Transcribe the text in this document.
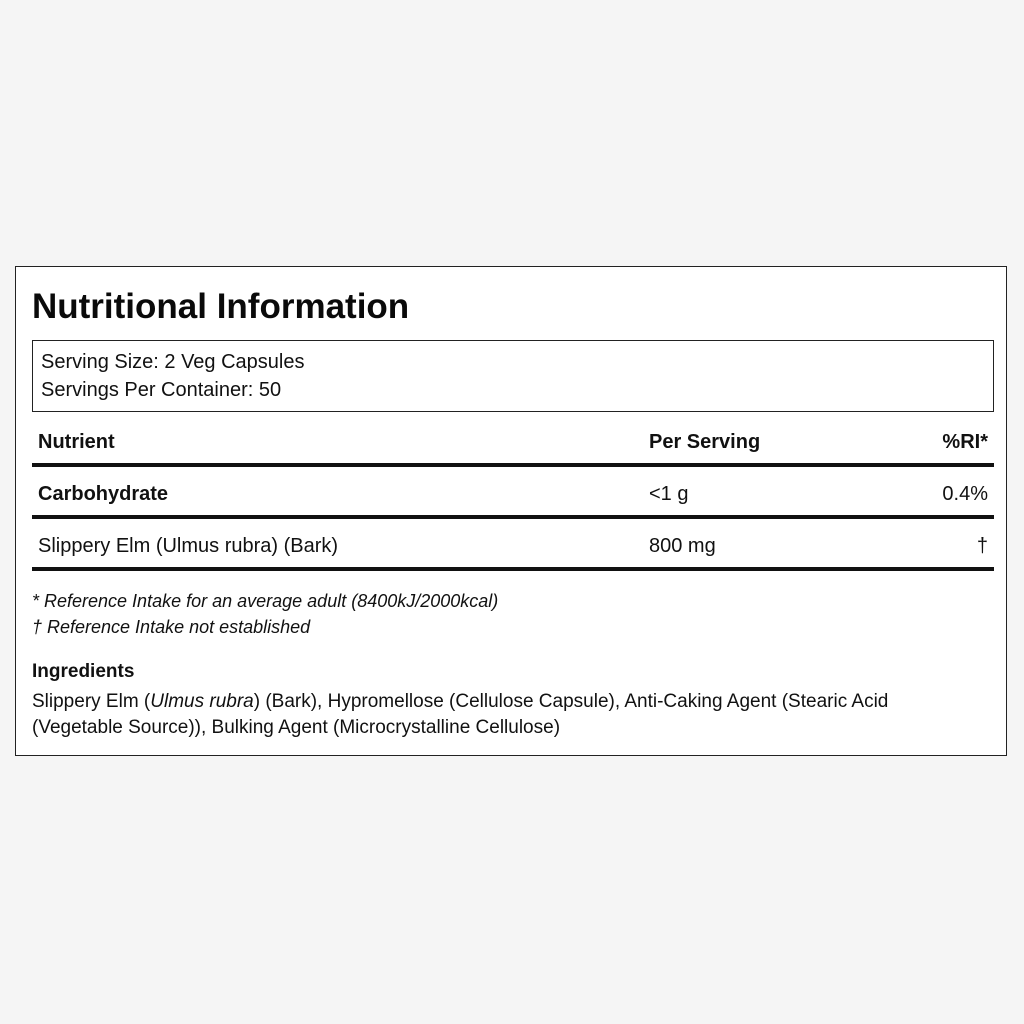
Nutritional Information
Serving Size: 2 Veg Capsules
Servings Per Container: 50
Nutrient	Per Serving	%RI*
Carbohydrate	<1 g	0.4%
Slippery Elm (Ulmus rubra) (Bark)	800 mg	†
* Reference Intake for an average adult (8400kJ/2000kcal)
† Reference Intake not established
Ingredients
Slippery Elm (Ulmus rubra) (Bark), Hypromellose (Cellulose Capsule), Anti-Caking Agent (Stearic Acid (Vegetable Source)), Bulking Agent (Microcrystalline Cellulose)
